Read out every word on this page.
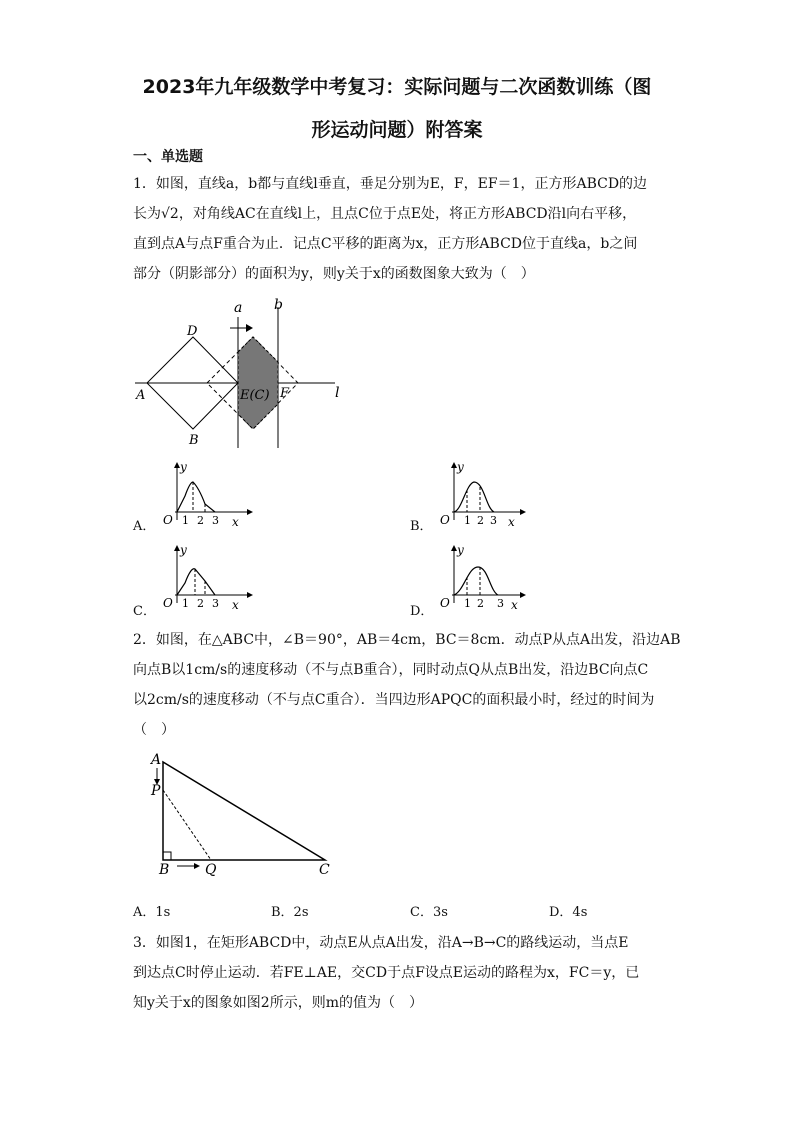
2023年九年级数学中考复习：实际问题与二次函数训练（图
形运动问题）附答案
一、单选题
1．如图，直线a，b都与直线l垂直，垂足分别为E，F，EF＝1，正方形ABCD的边
长为√2，对角线AC在直线l上，且点C位于点E处，将正方形ABCD沿l向右平移，
直到点A与点F重合为止．记点C平移的距离为x，正方形ABCD位于直线a，b之间
部分（阴影部分）的面积为y，则y关于x的函数图象大致为（　）
a b
l
A
D
B
E(C) F
A．
y
O 1 2 3 x	B．
y
O 1 2 3 x
C．
y
O 1 2 3 x	D．
y
O 1 2 3 x
2．如图，在△ABC中，∠B＝90°，AB＝4cm，BC＝8cm．动点P从点A出发，沿边AB
向点B以1cm/s的速度移动（不与点B重合），同时动点Q从点B出发，沿边BC向点C
以2cm/s的速度移动（不与点C重合）．当四边形APQC的面积最小时，经过的时间为
（　）
A
P
B	Q	C
A．1s	B．2s	C．3s	D．4s
3．如图1，在矩形ABCD中，动点E从点A出发，沿A→B→C的路线运动，当点E
到达点C时停止运动．若FE⊥AE，交CD于点F设点E运动的路程为x，FC＝y，已
知y关于x的图象如图2所示，则m的值为（　）
